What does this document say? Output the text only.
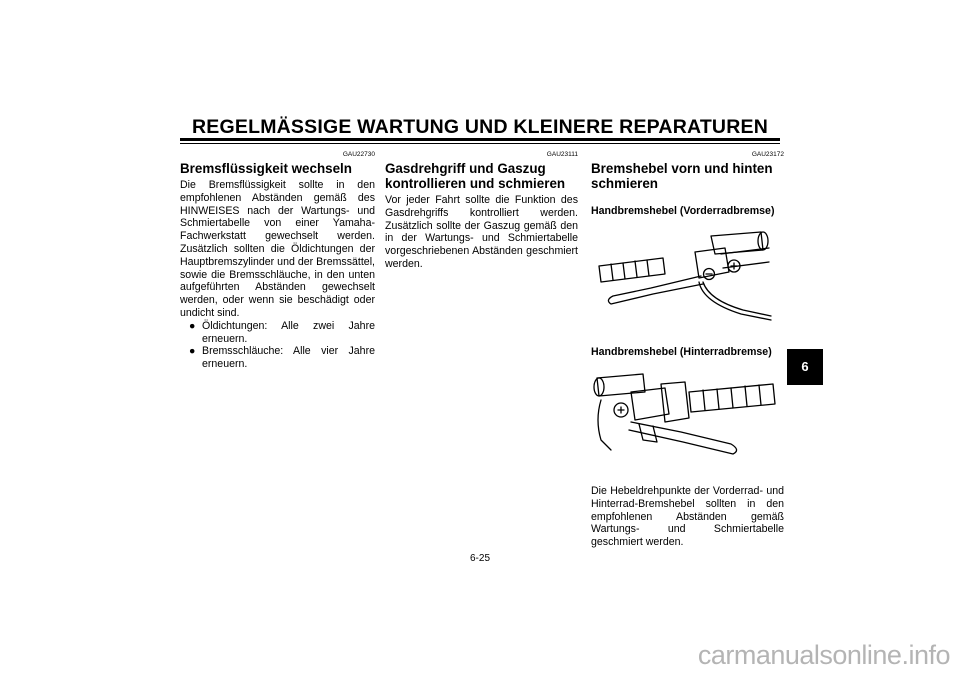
REGELMÄSSIGE WARTUNG UND KLEINERE REPARATUREN
GAU22730
Bremsflüssigkeit wechseln

Die Bremsflüssigkeit sollte in den empfohlenen Abständen gemäß des HINWEISES nach der Wartungs- und Schmiertabelle von einer Yamaha-Fachwerkstatt gewechselt werden. Zusätzlich sollten die Öldichtungen der Hauptbremszylinder und der Bremssättel, sowie die Bremsschläuche, in den unten aufgeführten Abständen gewechselt werden, oder wenn sie beschädigt oder undicht sind.

● Öldichtungen: Alle zwei Jahre erneuern.
● Bremsschläuche: Alle vier Jahre erneuern.
GAU23111
Gasdrehgriff und Gaszug kontrollieren und schmieren

Vor jeder Fahrt sollte die Funktion des Gasdrehgriffs kontrolliert werden. Zusätzlich sollte der Gaszug gemäß den in der Wartungs- und Schmiertabelle vorgeschriebenen Abständen geschmiert werden.

GAU23172
Bremshebel vorn und hinten schmieren
Handbremshebel (Vorderradbremse)
Handbremshebel (Hinterradbremse)

Die Hebeldrehpunkte der Vorderrad- und Hinterrad-Bremshebel sollten in den empfohlenen Abständen gemäß Wartungs- und Schmiertabelle geschmiert werden.

6
6-25
carmanualsonline.info
